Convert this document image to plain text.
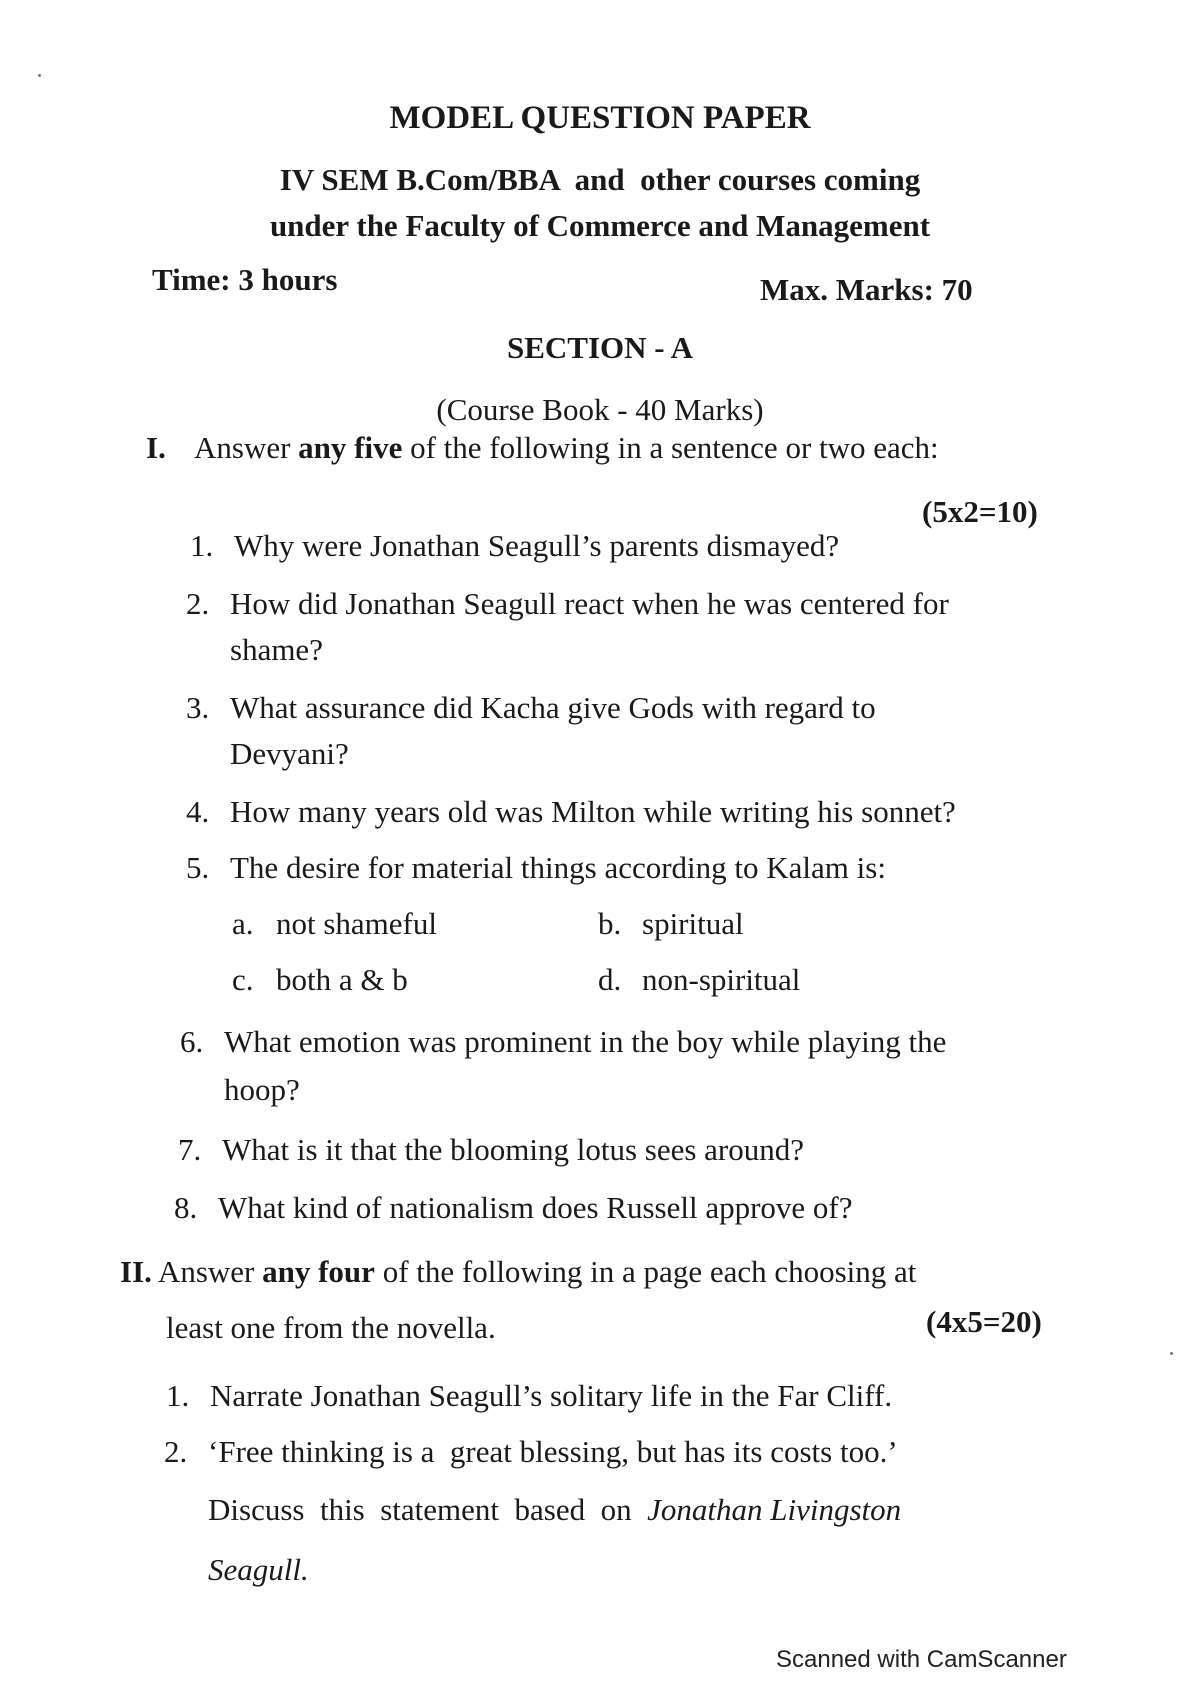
MODEL QUESTION PAPER
IV SEM B.Com/BBA  and  other courses coming
under the Faculty of Commerce and Management
Time: 3 hours	Max. Marks: 70
SECTION - A
(Course Book - 40 Marks)
I. Answer any five of the following in a sentence or two each:
(5x2=10)
1. Why were Jonathan Seagull’s parents dismayed?
2. How did Jonathan Seagull react when he was centered for
shame?
3. What assurance did Kacha give Gods with regard to
Devyani?
4. How many years old was Milton while writing his sonnet?
5. The desire for material things according to Kalam is:
a. not shameful	b. spiritual
c. both a & b	d. non-spiritual
6. What emotion was prominent in the boy while playing the
hoop?
7. What is it that the blooming lotus sees around?
8. What kind of nationalism does Russell approve of?
II. Answer any four of the following in a page each choosing at
least one from the novella.	(4x5=20)
1. Narrate Jonathan Seagull’s solitary life in the Far Cliff.
2. ‘Free thinking is a  great blessing, but has its costs too.’
Discuss  this  statement  based  on  Jonathan Livingston
Seagull.
Scanned with CamScanner
